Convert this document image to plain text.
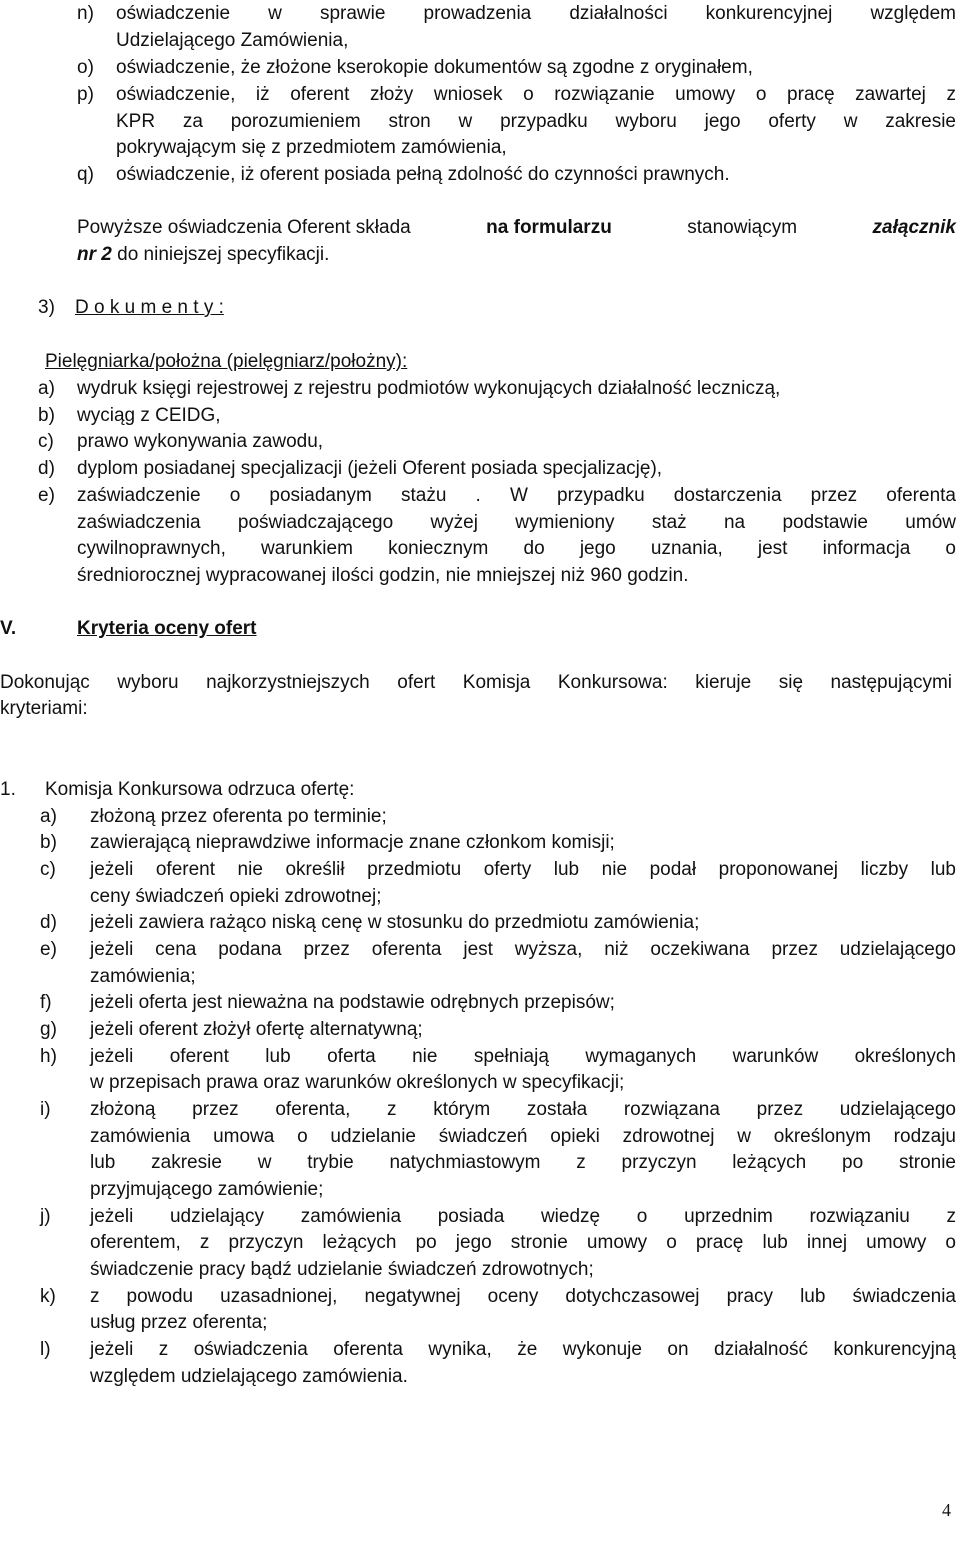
n) oświadczenie w sprawie prowadzenia działalności konkurencyjnej względem
Udzielającego Zamówienia,
o) oświadczenie, że złożone kserokopie dokumentów są zgodne z oryginałem,
p) oświadczenie, iż oferent złoży wniosek o rozwiązanie umowy o pracę zawartej z
KPR za porozumieniem stron w przypadku wyboru jego oferty w zakresie
pokrywającym się z przedmiotem zamówienia,
q) oświadczenie, iż oferent posiada pełną zdolność do czynności prawnych.
Powyższe oświadczenia Oferent składa	na formularzu	stanowiącym	załącznik
nr 2 do niniejszej specyfikacji.
3) D o k u m e n t y :
Pielęgniarka/położna (pielęgniarz/położny):
a) wydruk księgi rejestrowej z rejestru podmiotów wykonujących działalność leczniczą,
b) wyciąg z CEIDG,
c) prawo wykonywania zawodu,
d) dyplom posiadanej specjalizacji (jeżeli Oferent posiada specjalizację),
e) zaświadczenie o posiadanym stażu . W przypadku dostarczenia przez oferenta
zaświadczenia poświadczającego wyżej wymieniony staż na podstawie umów
cywilnoprawnych, warunkiem koniecznym do jego uznania, jest informacja o
średniorocznej wypracowanej ilości godzin, nie mniejszej niż 960 godzin.
V.	Kryteria oceny ofert
Dokonując wyboru najkorzystniejszych ofert Komisja Konkursowa: kieruje się następującymi
kryteriami:
1. Komisja Konkursowa odrzuca ofertę:
a) złożoną przez oferenta po terminie;
b) zawierającą nieprawdziwe informacje znane członkom komisji;
c) jeżeli oferent nie określił przedmiotu oferty lub nie podał proponowanej liczby lub
ceny świadczeń opieki zdrowotnej;
d) jeżeli zawiera rażąco niską cenę w stosunku do przedmiotu zamówienia;
e) jeżeli cena podana przez oferenta jest wyższa, niż oczekiwana przez udzielającego
zamówienia;
f) jeżeli oferta jest nieważna na podstawie odrębnych przepisów;
g) jeżeli oferent złożył ofertę alternatywną;
h) jeżeli oferent lub oferta nie spełniają wymaganych warunków określonych
w przepisach prawa oraz warunków określonych w specyfikacji;
i) złożoną przez oferenta, z którym została rozwiązana przez udzielającego
zamówienia umowa o udzielanie świadczeń opieki zdrowotnej w określonym rodzaju
lub zakresie w trybie natychmiastowym z przyczyn leżących po stronie
przyjmującego zamówienie;
j) jeżeli udzielający zamówienia posiada wiedzę o uprzednim rozwiązaniu z
oferentem, z przyczyn leżących po jego stronie umowy o pracę lub innej umowy o
świadczenie pracy bądź udzielanie świadczeń zdrowotnych;
k) z powodu uzasadnionej, negatywnej oceny dotychczasowej pracy lub świadczenia
usług przez oferenta;
l) jeżeli z oświadczenia oferenta wynika, że wykonuje on działalność konkurencyjną
względem udzielającego zamówienia.
4
